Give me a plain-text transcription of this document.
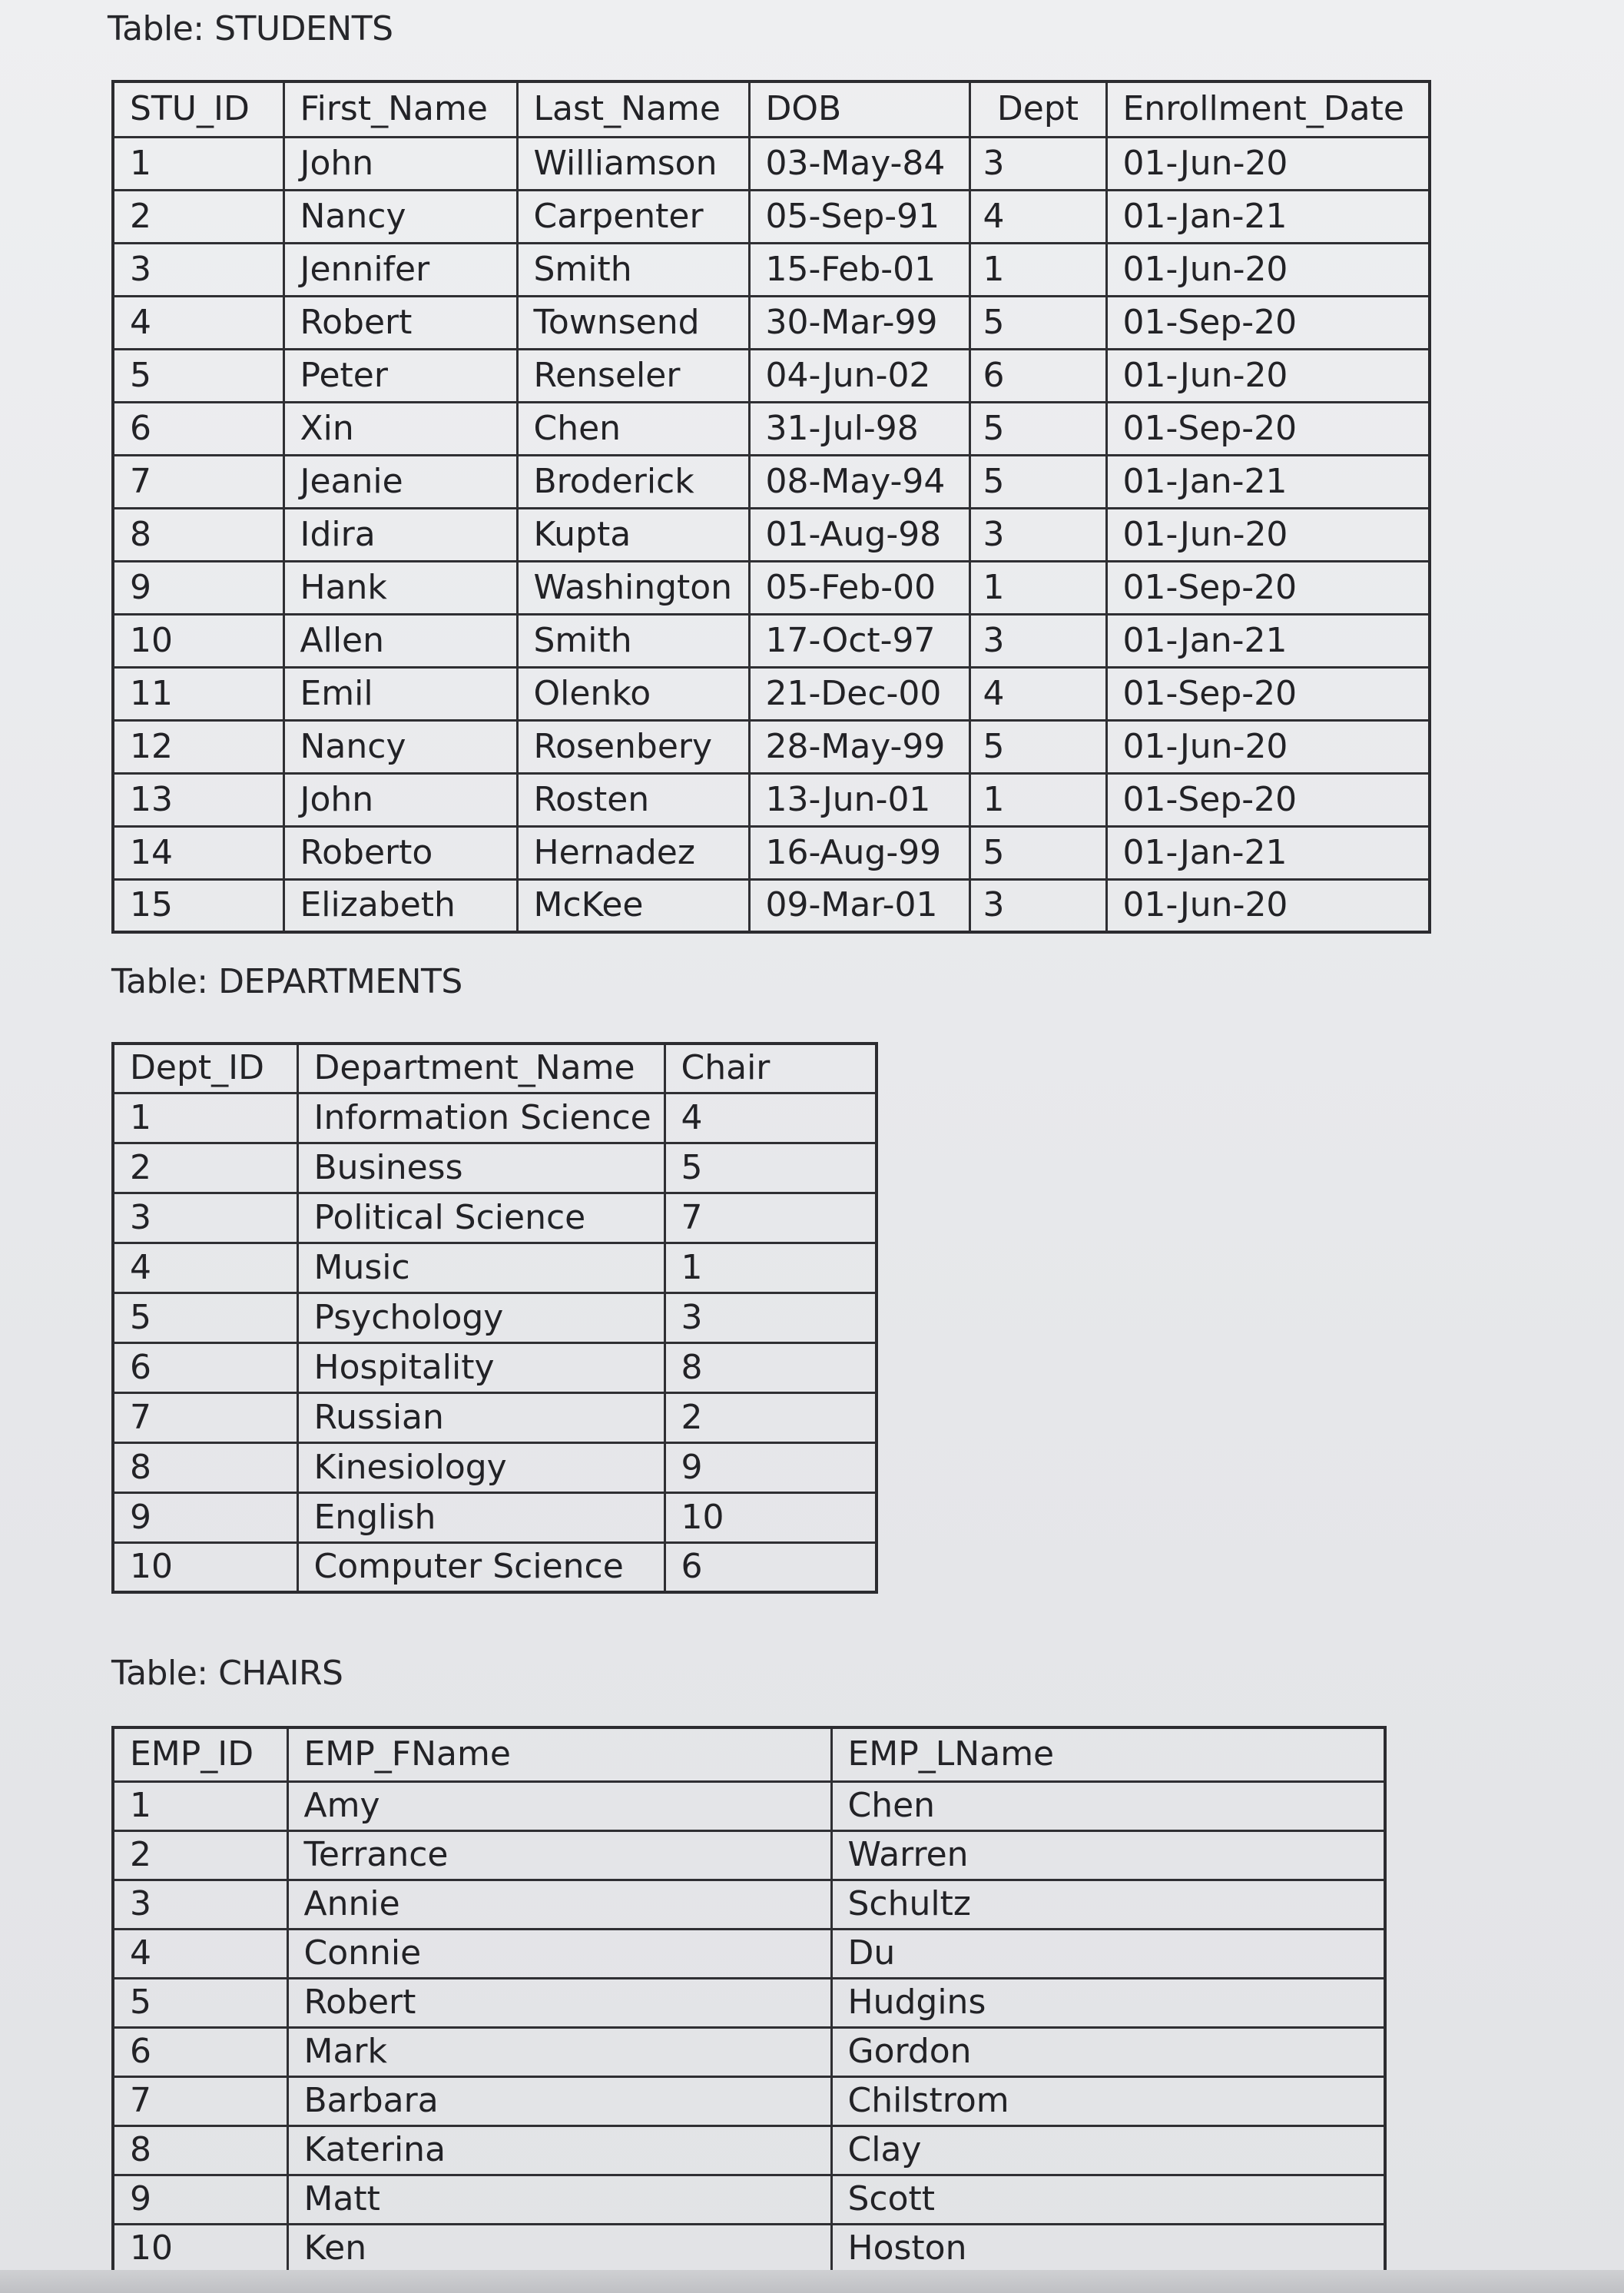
Table: STUDENTS
STU_ID	First_Name	Last_Name	DOB	Dept	Enrollment_Date
1	John	Williamson	03-May-84	3	01-Jun-20
2	Nancy	Carpenter	05-Sep-91	4	01-Jan-21
3	Jennifer	Smith	15-Feb-01	1	01-Jun-20
4	Robert	Townsend	30-Mar-99	5	01-Sep-20
5	Peter	Renseler	04-Jun-02	6	01-Jun-20
6	Xin	Chen	31-Jul-98	5	01-Sep-20
7	Jeanie	Broderick	08-May-94	5	01-Jan-21
8	Idira	Kupta	01-Aug-98	3	01-Jun-20
9	Hank	Washington	05-Feb-00	1	01-Sep-20
10	Allen	Smith	17-Oct-97	3	01-Jan-21
11	Emil	Olenko	21-Dec-00	4	01-Sep-20
12	Nancy	Rosenbery	28-May-99	5	01-Jun-20
13	John	Rosten	13-Jun-01	1	01-Sep-20
14	Roberto	Hernadez	16-Aug-99	5	01-Jan-21
15	Elizabeth	McKee	09-Mar-01	3	01-Jun-20
Table: DEPARTMENTS
Dept_ID	Department_Name	Chair
1	Information Science	4
2	Business	5
3	Political Science	7
4	Music	1
5	Psychology	3
6	Hospitality	8
7	Russian	2
8	Kinesiology	9
9	English	10
10	Computer Science	6
Table: CHAIRS
EMP_ID	EMP_FName	EMP_LName
1	Amy	Chen
2	Terrance	Warren
3	Annie	Schultz
4	Connie	Du
5	Robert	Hudgins
6	Mark	Gordon
7	Barbara	Chilstrom
8	Katerina	Clay
9	Matt	Scott
10	Ken	Hoston
